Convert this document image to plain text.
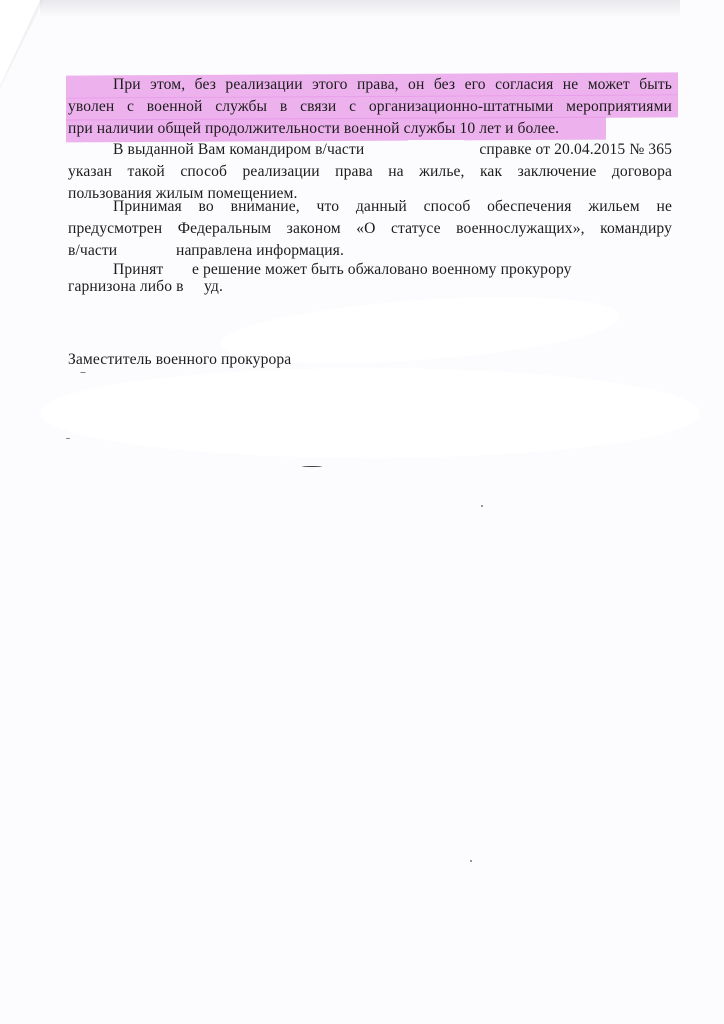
При этом, без реализации этого права, он без его согласия не может быть
уволен с военной службы в связи с организационно-штатными мероприятиями
при наличии общей продолжительности военной службы 10 лет и более.
В выданной Вам командиром в/части	справке от 20.04.2015 № 365
указан такой способ реализации права на жилье, как заключение договора
пользования жилым помещением.
Принимая во внимание, что данный способ обеспечения жильем не
предусмотрен Федеральным законом «О статусе военнослужащих», командиру
в/части	направлена информация.
Принят	е решение может быть обжаловано военному прокурору
гарнизона либо в	уд.
Заместитель военного прокурора
